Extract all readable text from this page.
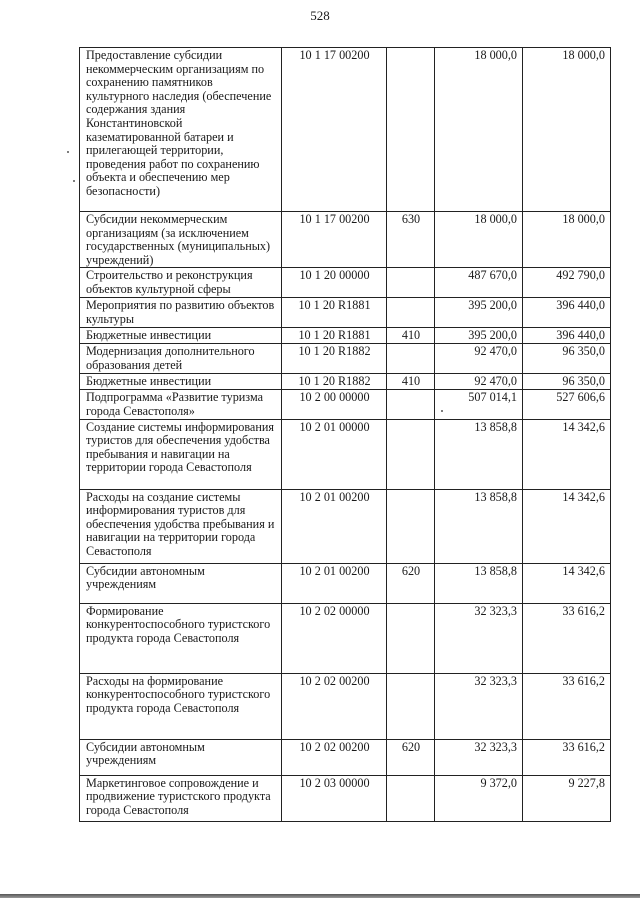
528
Предоставление субсидии некоммерческим организациям по сохранению памятников культурного наследия (обеспечение содержания здания Константиновской казематированной батареи и прилегающей территории, проведения работ по сохранению объекта и обеспечению мер безопасности)	10 1 17 00200		18 000,0	18 000,0
Субсидии некоммерческим организациям (за исключением государственных (муниципальных) учреждений)	10 1 17 00200	630	18 000,0	18 000,0
Строительство и реконструкция объектов культурной сферы	10 1 20 00000		487 670,0	492 790,0
Мероприятия по развитию объектов культуры	10 1 20 R1881		395 200,0	396 440,0
Бюджетные инвестиции	10 1 20 R1881	410	395 200,0	396 440,0
Модернизация дополнительного образования детей	10 1 20 R1882		92 470,0	96 350,0
Бюджетные инвестиции	10 1 20 R1882	410	92 470,0	96 350,0
Подпрограмма «Развитие туризма города Севастополя»	10 2 00 00000		507 014,1	527 606,6
Создание системы информирования туристов для обеспечения удобства пребывания и навигации на территории города Севастополя	10 2 01 00000		13 858,8	14 342,6
Расходы на создание системы информирования туристов для обеспечения удобства пребывания и навигации на территории города Севастополя	10 2 01 00200		13 858,8	14 342,6
Субсидии автономным учреждениям	10 2 01 00200	620	13 858,8	14 342,6
Формирование конкурентоспособного туристского продукта города Севастополя	10 2 02 00000		32 323,3	33 616,2
Расходы на формирование конкурентоспособного туристского продукта города Севастополя	10 2 02 00200		32 323,3	33 616,2
Субсидии автономным учреждениям	10 2 02 00200	620	32 323,3	33 616,2
Маркетинговое сопровождение и продвижение туристского продукта города Севастополя	10 2 03 00000		9 372,0	9 227,8
